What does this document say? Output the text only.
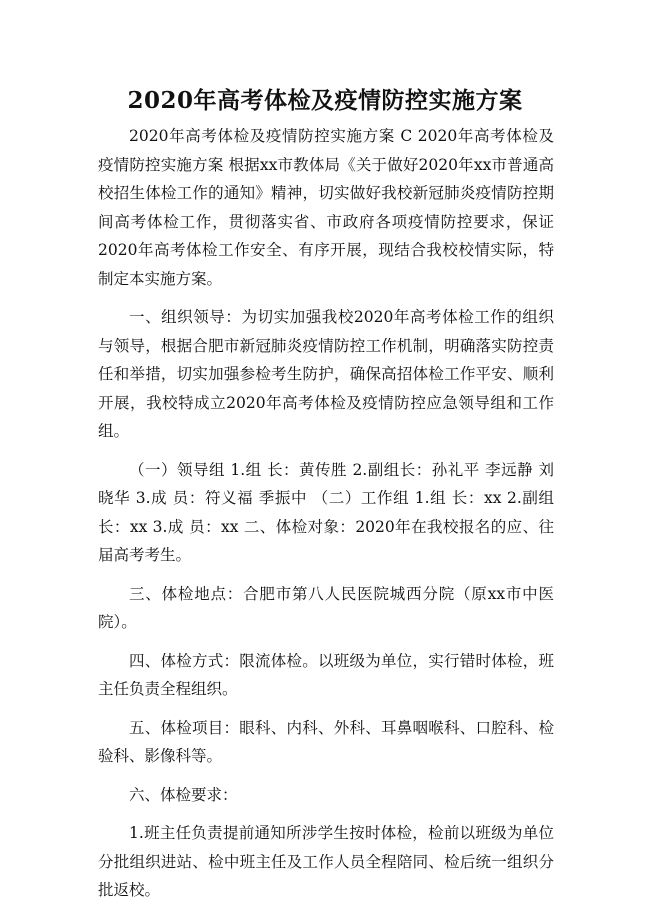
2020年高考体检及疫情防控实施方案

2020年高考体检及疫情防控实施方案 C 2020年高考体检及疫情防控实施方案 根据xx市教体局《关于做好2020年xx市普通高校招生体检工作的通知》精神，切实做好我校新冠肺炎疫情防控期间高考体检工作，贯彻落实省、市政府各项疫情防控要求，保证2020年高考体检工作安全、有序开展，现结合我校校情实际，特制定本实施方案。

一、组织领导：为切实加强我校2020年高考体检工作的组织与领导，根据合肥市新冠肺炎疫情防控工作机制，明确落实防控责任和举措，切实加强参检考生防护，确保高招体检工作平安、顺利开展，我校特成立2020年高考体检及疫情防控应急领导组和工作组。

（一）领导组 1.组 长：黄传胜 2.副组长：孙礼平 李远静 刘晓华 3.成 员：符义福 季振中 （二）工作组 1.组 长：xx 2.副组长：xx 3.成 员：xx 二、体检对象：2020年在我校报名的应、往届高考考生。

三、体检地点：合肥市第八人民医院城西分院（原xx市中医院）。

四、体检方式：限流体检。以班级为单位，实行错时体检，班主任负责全程组织。

五、体检项目：眼科、内科、外科、耳鼻咽喉科、口腔科、检验科、影像科等。

六、体检要求：

1.班主任负责提前通知所涉学生按时体检，检前以班级为单位分批组织进站、检中班主任及工作人员全程陪同、检后统一组织分批返校。
